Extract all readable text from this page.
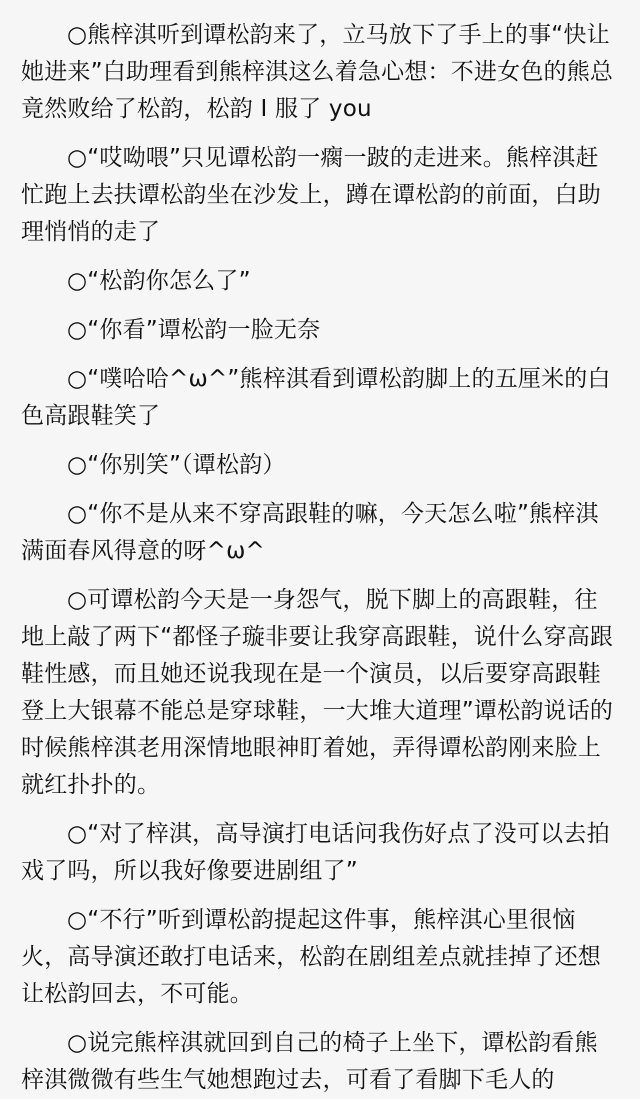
○熊梓淇听到谭松韵来了，立马放下了手上的事“快让她进来”白助理看到熊梓淇这么着急心想：不进女色的熊总竟然败给了松韵，松韵 I 服了 you

○“哎呦喂”只见谭松韵一瘸一跛的走进来。熊梓淇赶忙跑上去扶谭松韵坐在沙发上，蹲在谭松韵的前面，白助理悄悄的走了

○“松韵你怎么了”

○“你看”谭松韵一脸无奈

○“噗哈哈^ω^”熊梓淇看到谭松韵脚上的五厘米的白色高跟鞋笑了

○“你别笑”（谭松韵）

○“你不是从来不穿高跟鞋的嘛，今天怎么啦”熊梓淇满面春风得意的呀^ω^

○可谭松韵今天是一身怨气，脱下脚上的高跟鞋，往地上敲了两下“都怪子璇非要让我穿高跟鞋，说什么穿高跟鞋性感，而且她还说我现在是一个演员，以后要穿高跟鞋登上大银幕不能总是穿球鞋，一大堆大道理”谭松韵说话的时候熊梓淇老用深情地眼神盯着她，弄得谭松韵刚来脸上就红扑扑的。

○“对了梓淇，高导演打电话问我伤好点了没可以去拍戏了吗，所以我好像要进剧组了”

○“不行”听到谭松韵提起这件事，熊梓淇心里很恼火，高导演还敢打电话来，松韵在剧组差点就挂掉了还想让松韵回去，不可能。

○说完熊梓淇就回到自己的椅子上坐下，谭松韵看熊梓淇微微有些生气她想跑过去，可看了看脚下毛人的
